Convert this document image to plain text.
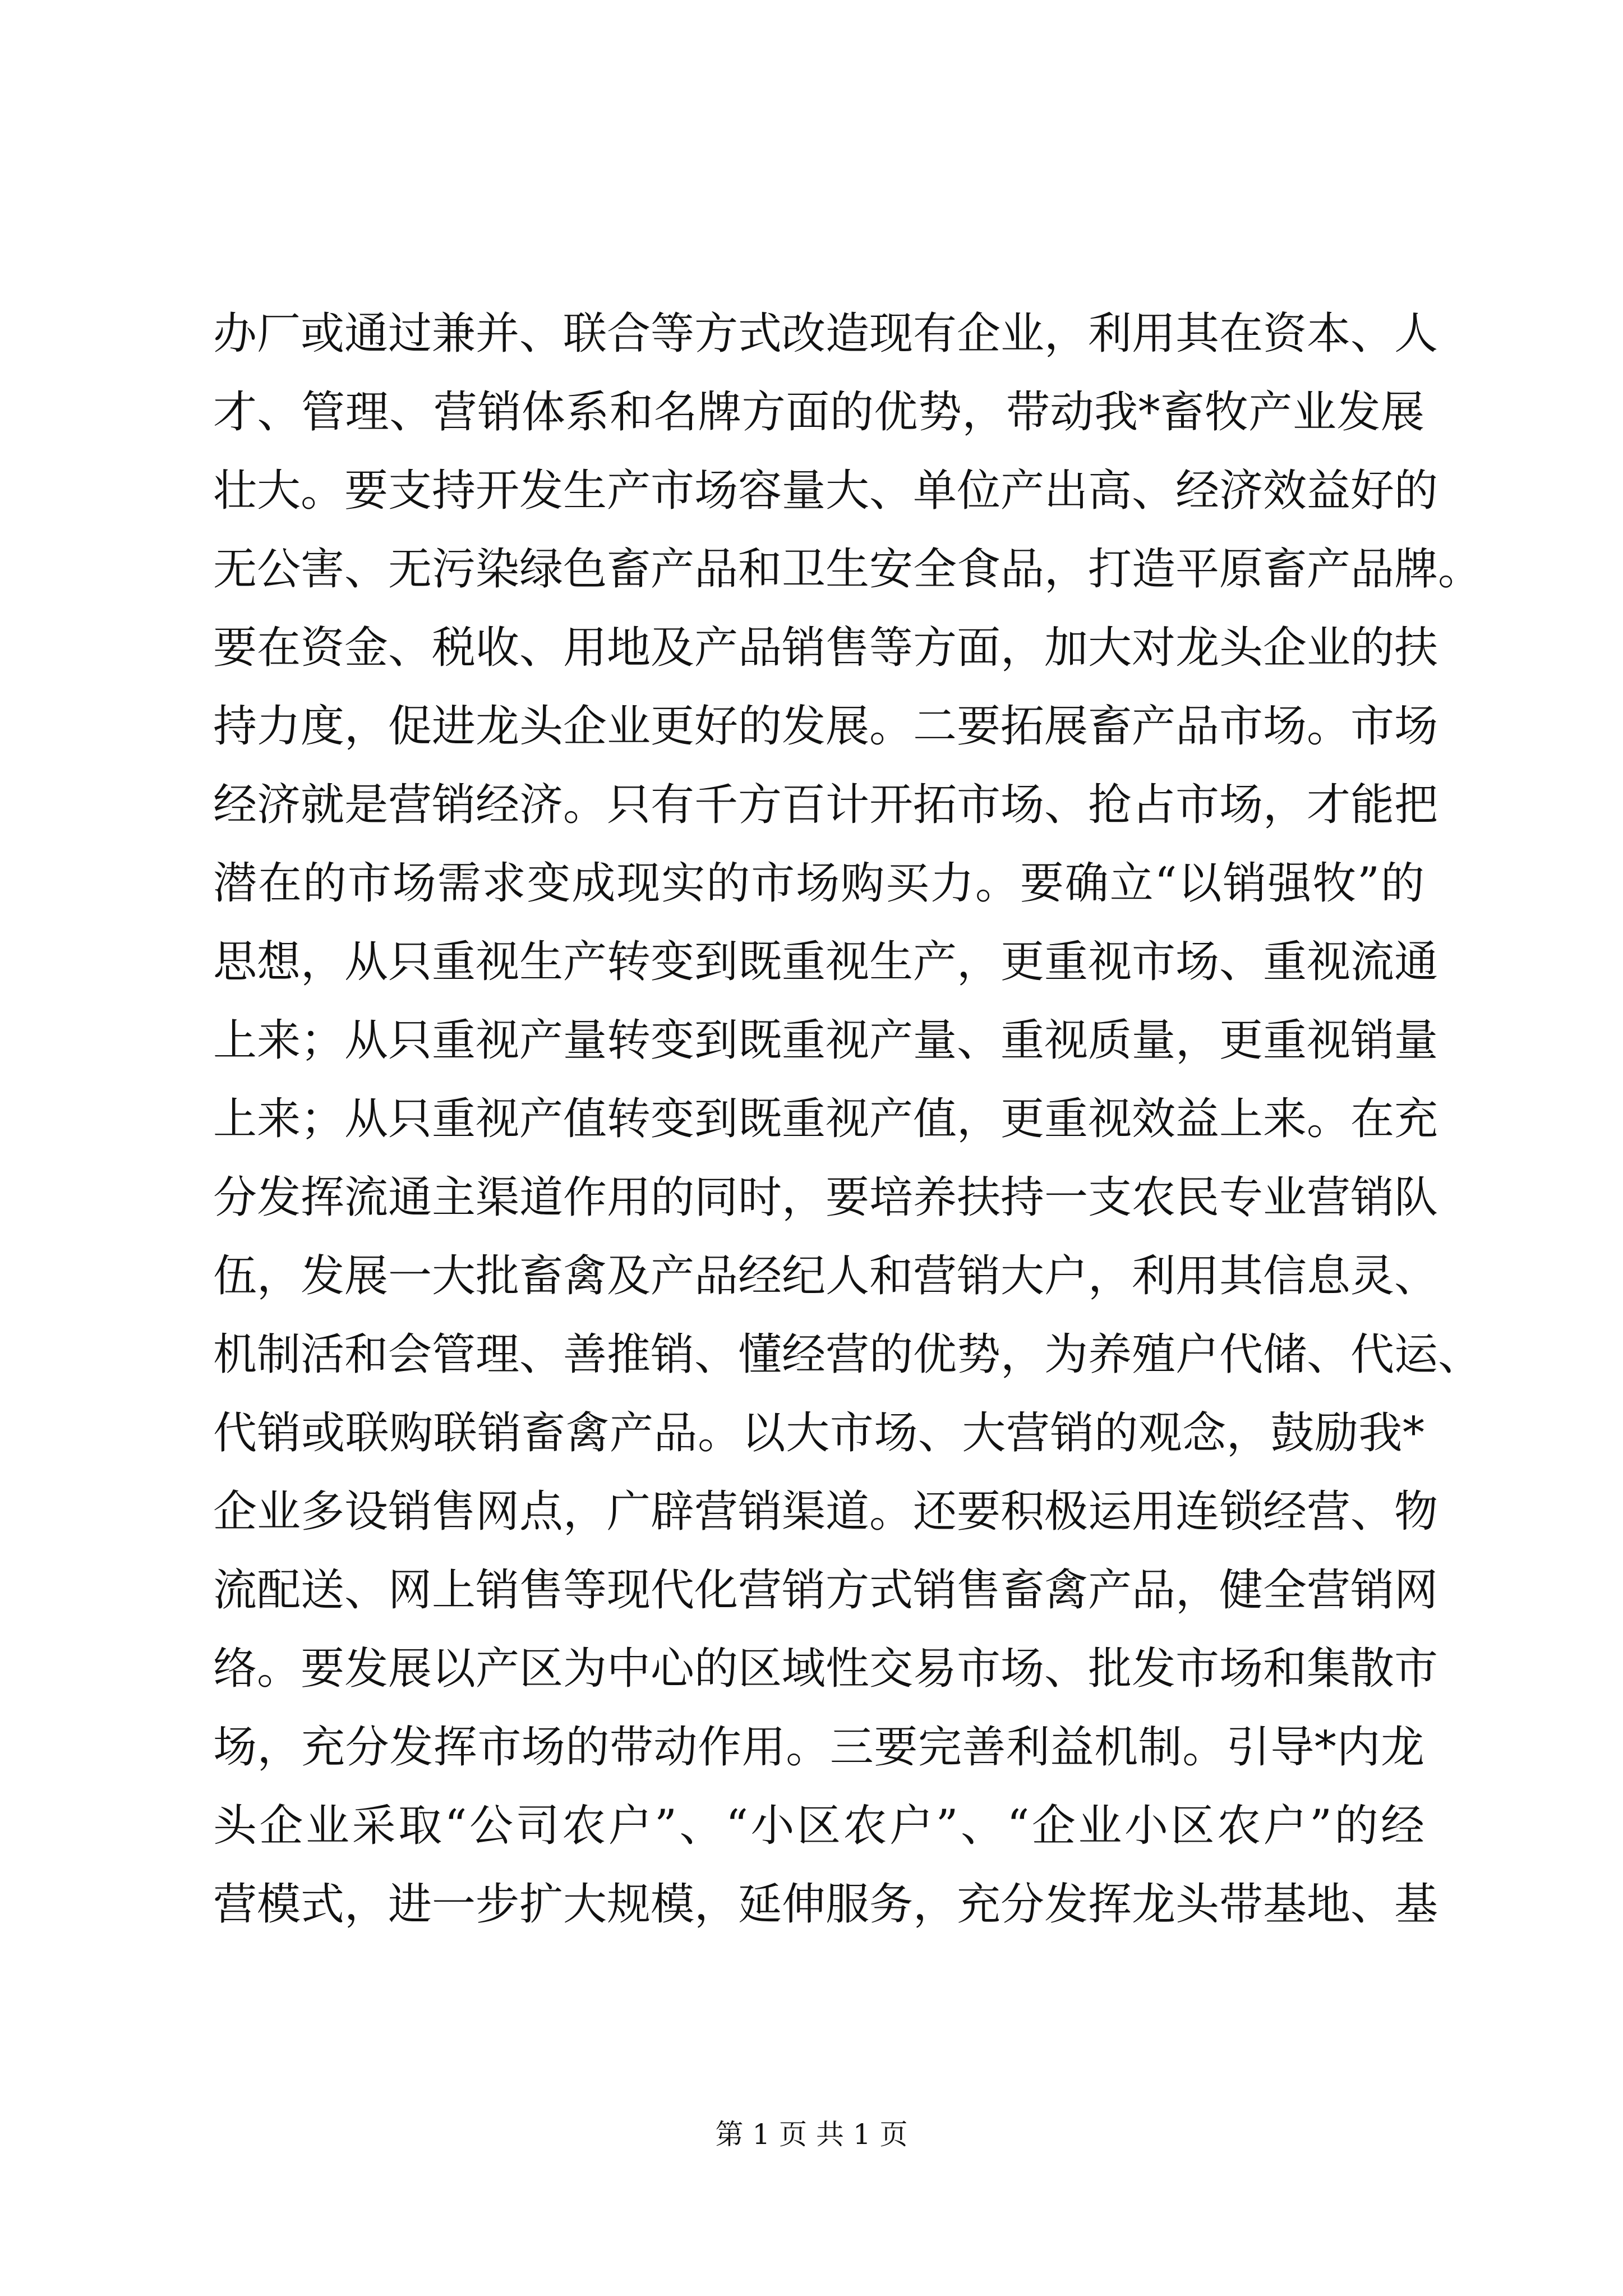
办厂或通过兼并、联合等方式改造现有企业，利用其在资本、人
才、管理、营销体系和名牌方面的优势，带动我*畜牧产业发展
壮大。要支持开发生产市场容量大、单位产出高、经济效益好的
无公害、无污染绿色畜产品和卫生安全食品，打造平原畜产品牌。
要在资金、税收、用地及产品销售等方面，加大对龙头企业的扶
持力度，促进龙头企业更好的发展。二要拓展畜产品市场。市场
经济就是营销经济。只有千方百计开拓市场、抢占市场，才能把
潜在的市场需求变成现实的市场购买力。要确立“以销强牧”的
思想，从只重视生产转变到既重视生产，更重视市场、重视流通
上来；从只重视产量转变到既重视产量、重视质量，更重视销量
上来；从只重视产值转变到既重视产值，更重视效益上来。在充
分发挥流通主渠道作用的同时，要培养扶持一支农民专业营销队
伍，发展一大批畜禽及产品经纪人和营销大户，利用其信息灵、
机制活和会管理、善推销、懂经营的优势，为养殖户代储、代运、
代销或联购联销畜禽产品。以大市场、大营销的观念，鼓励我*
企业多设销售网点，广辟营销渠道。还要积极运用连锁经营、物
流配送、网上销售等现代化营销方式销售畜禽产品，健全营销网
络。要发展以产区为中心的区域性交易市场、批发市场和集散市
场，充分发挥市场的带动作用。三要完善利益机制。引导*内龙
头企业采取“公司农户”、“小区农户”、“企业小区农户”的经
营模式，进一步扩大规模，延伸服务，充分发挥龙头带基地、基
第 1 页 共 1 页
